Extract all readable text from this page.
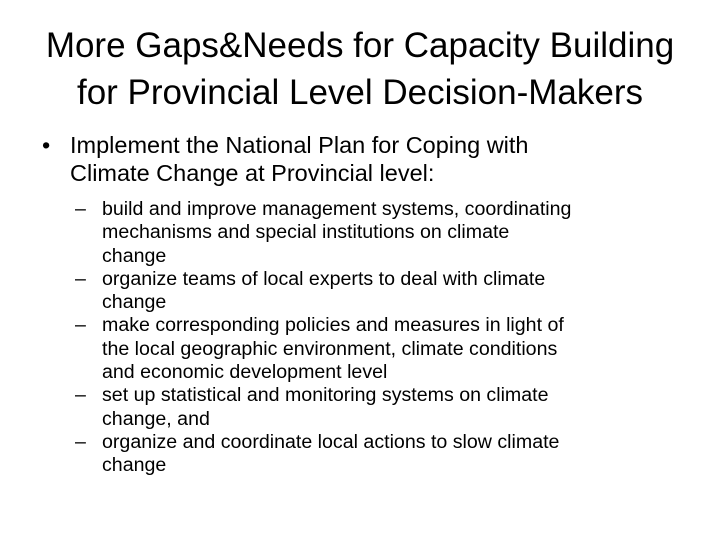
More Gaps&Needs for Capacity Building
for Provincial Level Decision-Makers
• Implement the National Plan for Coping with
Climate Change at Provincial level:
– build and improve management systems, coordinating
mechanisms and special institutions on climate
change
– organize teams of local experts to deal with climate
change
– make corresponding policies and measures in light of
the local geographic environment, climate conditions
and economic development level
– set up statistical and monitoring systems on climate
change, and
– organize and coordinate local actions to slow climate
change
